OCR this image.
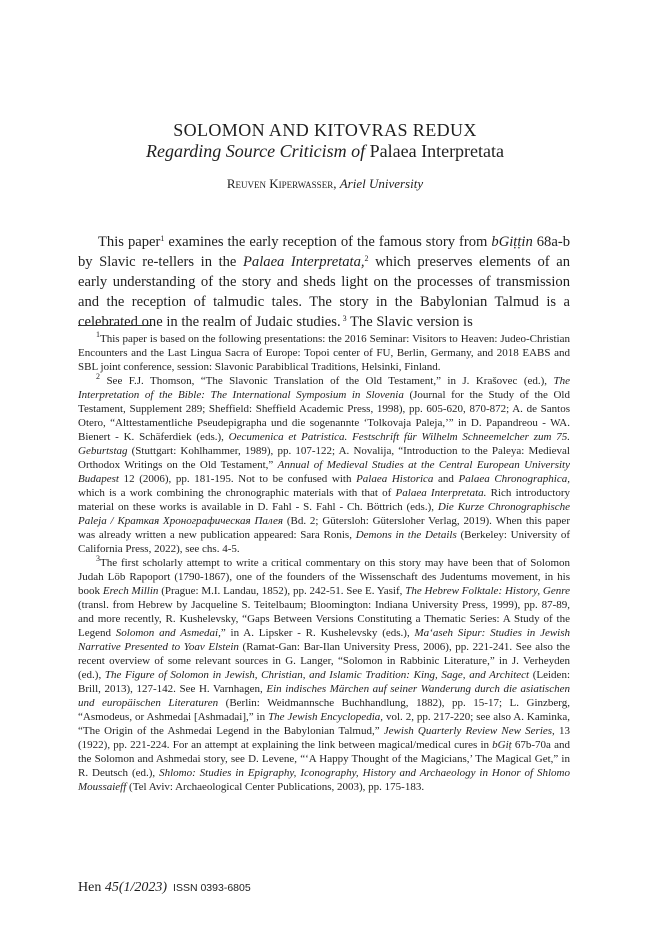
SOLOMON AND KITOVRAS REDUX
Regarding Source Criticism of Palaea Interpretata
Reuven Kiperwasser, Ariel University

This paper$^1$ examines the early reception of the famous story from bGiṭṭin 68a-b by Slavic re-tellers in the Palaea Interpretata,$^2$ which preserves elements of an early understanding of the story and sheds light on the processes of transmission and the reception of talmudic tales. The story in the Babylonian Talmud is a celebrated one in the realm of Judaic studies. $^3$ The Slavic version is

$^1$This paper is based on the following presentations: the 2016 Seminar: Visitors to Heaven: Judeo-Christian Encounters and the Last Lingua Sacra of Europe: Topoi center of FU, Berlin, Germany, and 2018 EABS and SBL joint conference, session: Slavonic Parabiblical Traditions, Helsinki, Finland.

$^2$ See F.J. Thomson, “The Slavonic Translation of the Old Testament,” in J. Krašovec (ed.), The Interpretation of the Bible: The International Symposium in Slovenia (Journal for the Study of the Old Testament, Supplement 289; Sheffield: Sheffield Academic Press, 1998), pp. 605-620, 870-872; A. de Santos Otero, “Alttestamentliche Pseudepigrapha und die sogenannte ‘Tolkovaja Paleja,’” in D. Papandreou - WA. Bienert - K. Schäferdiek (eds.), Oecumenica et Patristica. Festschrift für Wilhelm Schneemelcher zum 75. Geburtstag (Stuttgart: Kohlhammer, 1989), pp. 107-122; A. Novalija, “Introduction to the Paleya: Medieval Orthodox Writings on the Old Testament,” Annual of Medieval Studies at the Central European University Budapest 12 (2006), pp. 181-195. Not to be confused with Palaea Historica and Palaea Chronographica, which is a work combining the chronographic materials with that of Palaea Interpretata. Rich introductory material on these works is available in D. Fahl - S. Fahl - Ch. Böttrich (eds.), Die Kurze Chronographische Paleja / Краткая Хронографическая Палея (Bd. 2; Gütersloh: Gütersloher Verlag, 2019). When this paper was already written a new publication appeared: Sara Ronis, Demons in the Details (Berkeley: University of California Press, 2022), see chs. 4-5.

$^3$The first scholarly attempt to write a critical commentary on this story may have been that of Solomon Judah Löb Rapoport (1790-1867), one of the founders of the Wissenschaft des Judentums movement, in his book Erech Millin (Prague: M.I. Landau, 1852), pp. 242-51. See E. Yasif, The Hebrew Folktale: History, Genre (transl. from Hebrew by Jacqueline S. Teitelbaum; Bloomington: Indiana University Press, 1999), pp. 87-89, and more recently, R. Kushelevsky, “Gaps Between Versions Constituting a Thematic Series: A Study of the Legend Solomon and Asmedai,” in A. Lipsker - R. Kushelevsky (eds.), Ma‘aseh Sipur: Studies in Jewish Narrative Presented to Yoav Elstein (Ramat-Gan: Bar-Ilan University Press, 2006), pp. 221-241. See also the recent overview of some relevant sources in G. Langer, “Solomon in Rabbinic Literature,” in J. Verheyden (ed.), The Figure of Solomon in Jewish, Christian, and Islamic Tradition: King, Sage, and Architect (Leiden: Brill, 2013), 127-142. See H. Varnhagen, Ein indisches Märchen auf seiner Wanderung durch die asiatischen und europäischen Literaturen (Berlin: Weidmannsche Buchhandlung, 1882), pp. 15-17; L. Ginzberg, “Asmodeus, or Ashmedai [Ashmadai],” in The Jewish Encyclopedia, vol. 2, pp. 217-220; see also A. Kaminka, “The Origin of the Ashmedai Legend in the Babylonian Talmud,” Jewish Quarterly Review New Series, 13 (1922), pp. 221-224. For an attempt at explaining the link between magical/medical cures in bGiṭ 67b-70a and the Solomon and Ashmedai story, see D. Levene, “‘A Happy Thought of the Magicians,’ The Magical Get,” in R. Deutsch (ed.), Shlomo: Studies in Epigraphy, Iconography, History and Archaeology in Honor of Shlomo Moussaieff (Tel Aviv: Archaeological Center Publications, 2003), pp. 175-183.

Hen 45(1/2023) ISSN 0393-6805
